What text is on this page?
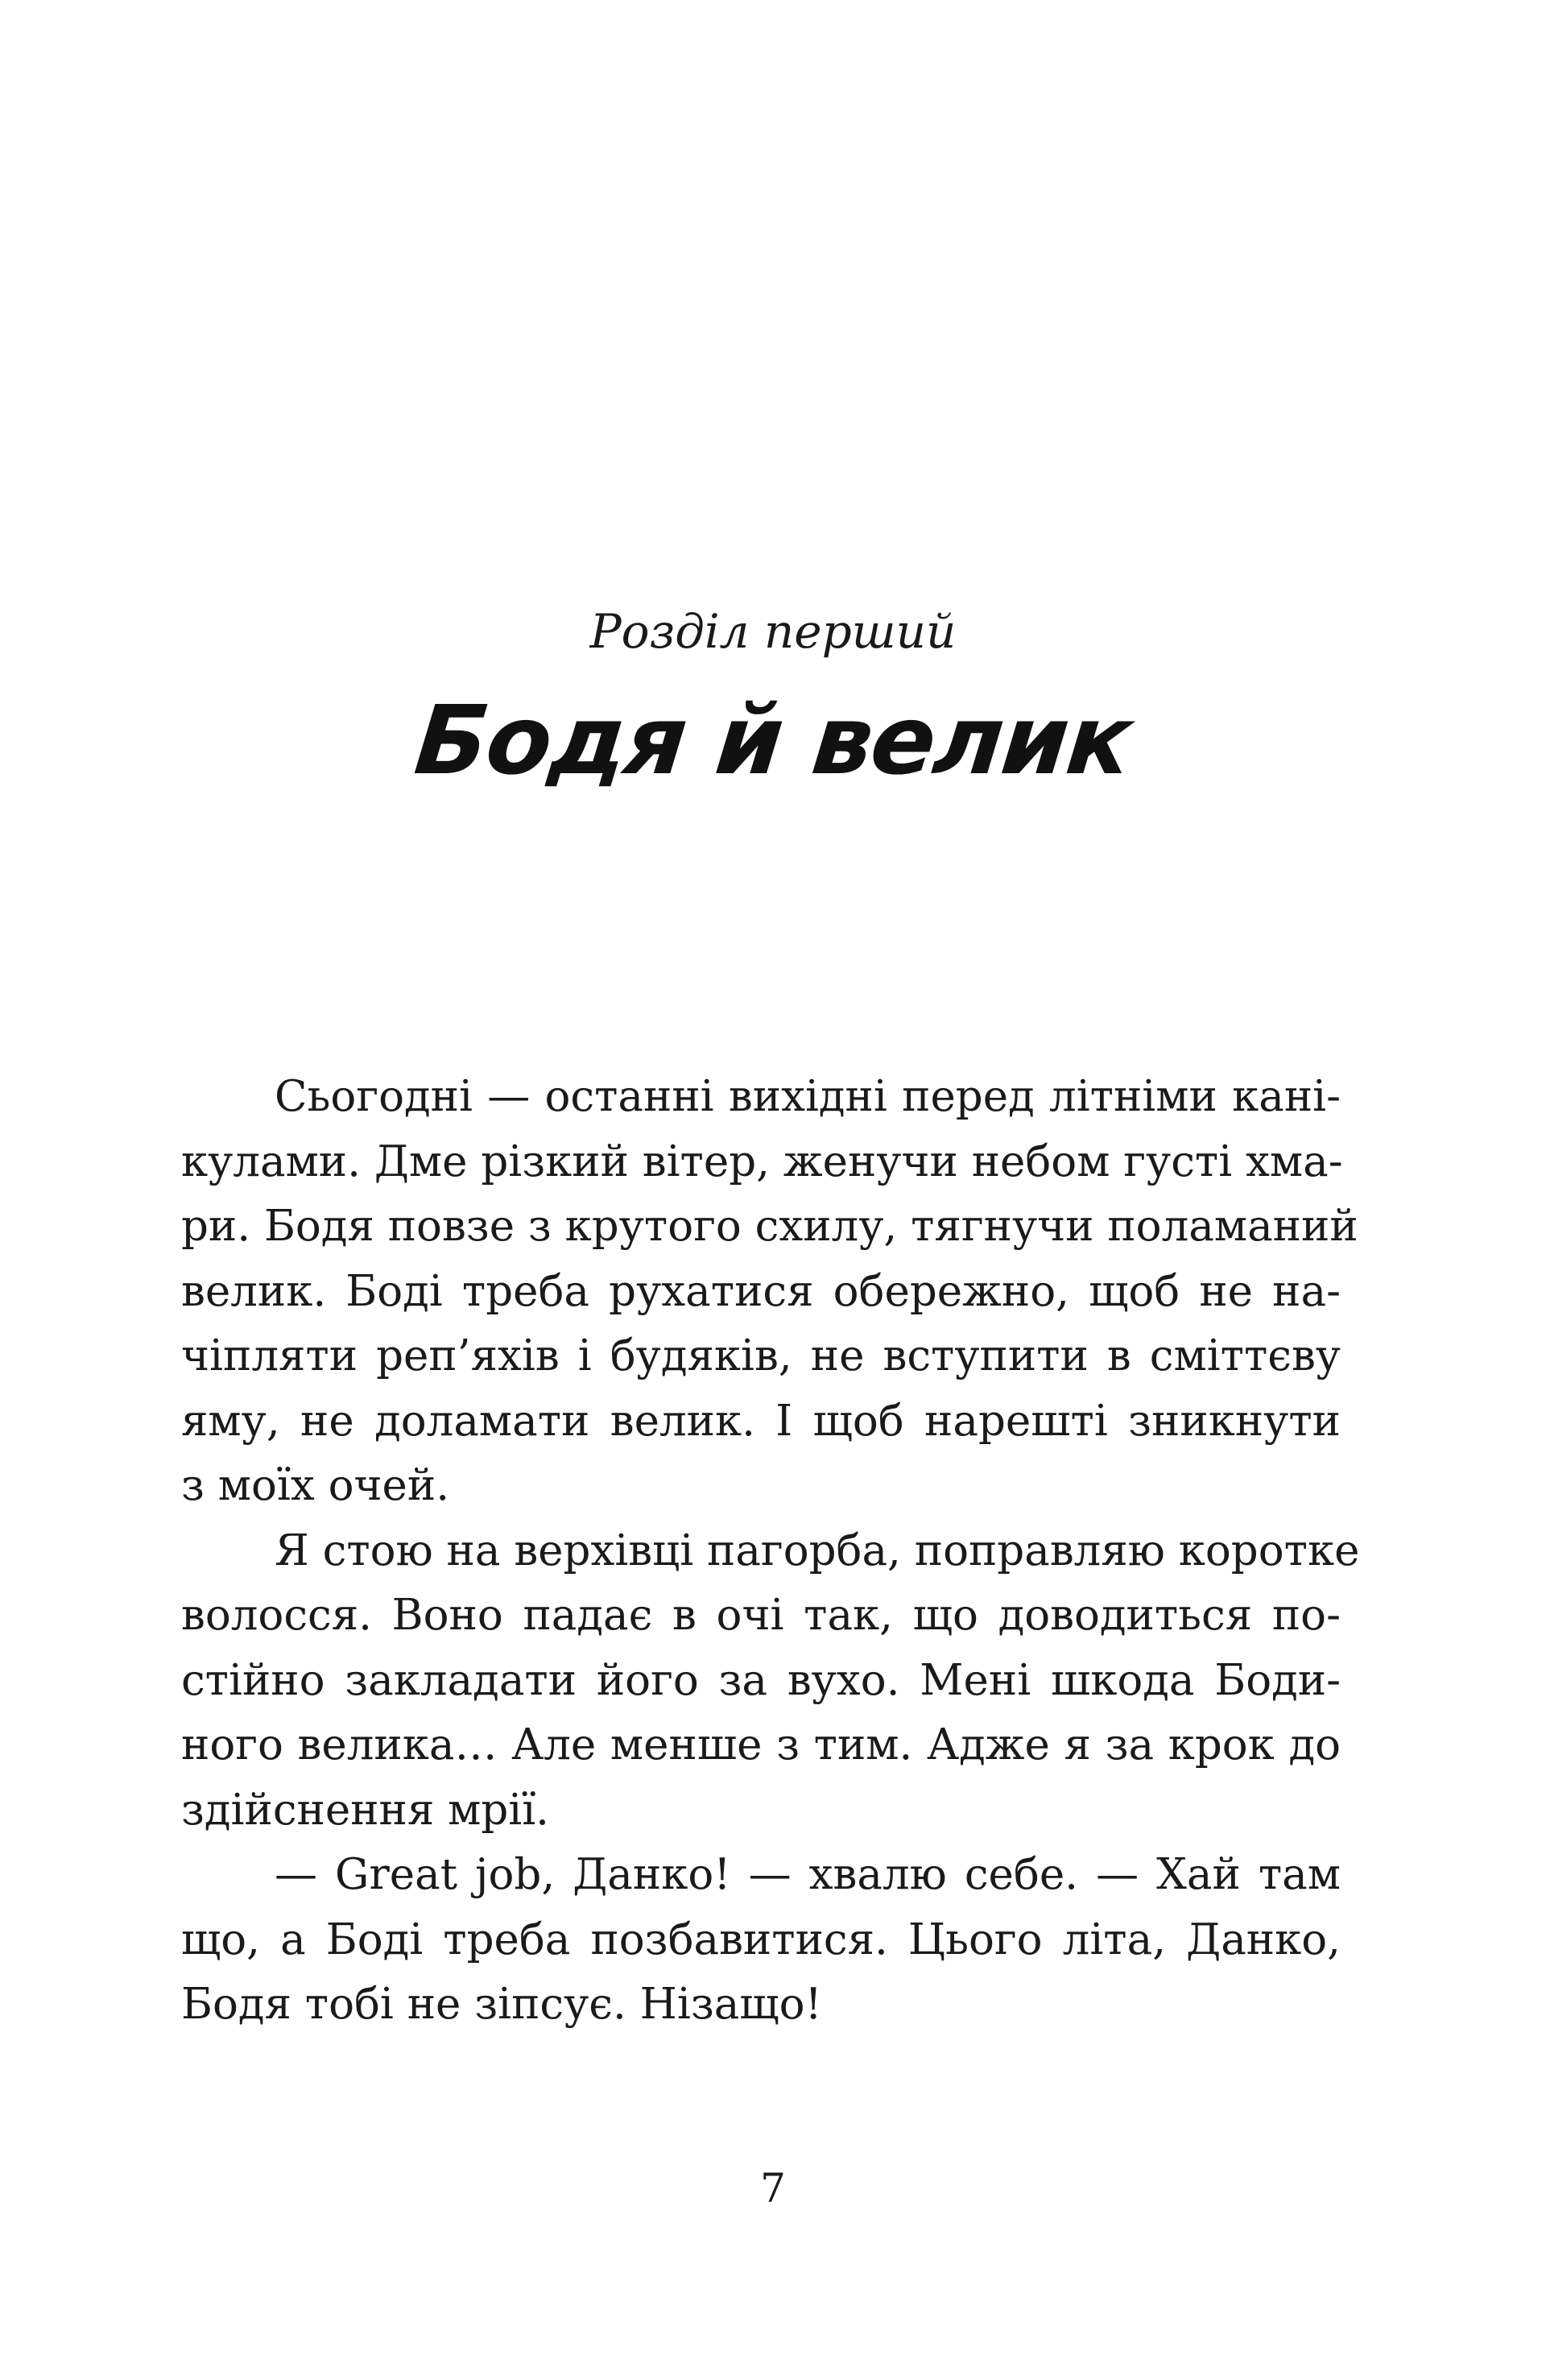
Розділ перший
Бодя й велик
Сьогодні — останні вихідні перед літніми кані-
кулами. Дме різкий вітер, женучи небом густі хма-
ри. Бодя повзе з крутого схилу, тягнучи поламаний
велик. Боді треба рухатися обережно, щоб не на-
чіпляти реп’яхів і будяків, не вступити в сміттєву
яму, не доламати велик. І щоб нарешті зникнути
з моїх очей.
Я стою на верхівці пагорба, поправляю коротке
волосся. Воно падає в очі так, що доводиться по-
стійно закладати його за вухо. Мені шкода Боди-
ного велика… Але менше з тим. Адже я за крок до
здійснення мрії.
— Great job, Данко! — хвалю себе. — Хай там
що, а Боді треба позбавитися. Цього літа, Данко,
Бодя тобі не зіпсує. Нізащо!
7
